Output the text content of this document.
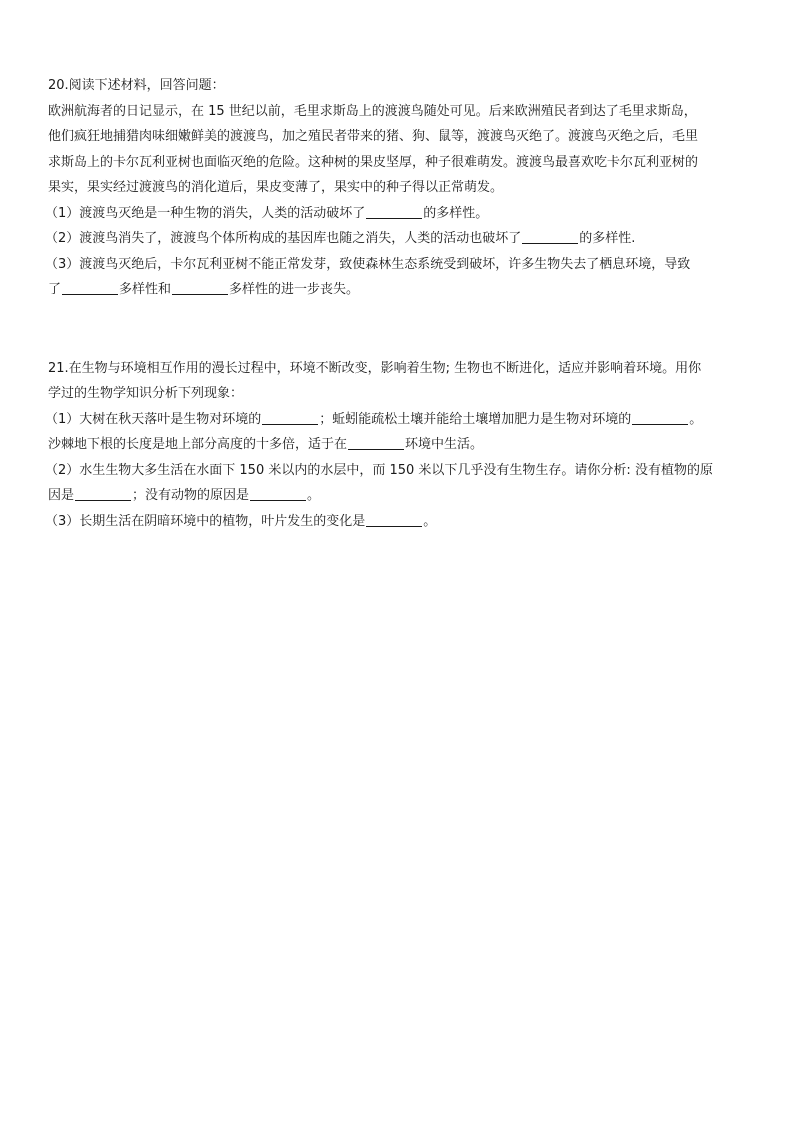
20.阅读下述材料，回答问题：

欧洲航海者的日记显示，在 15 世纪以前，毛里求斯岛上的渡渡鸟随处可见。后来欧洲殖民者到达了毛里求斯岛，

他们疯狂地捕猎肉味细嫩鲜美的渡渡鸟，加之殖民者带来的猪、狗、鼠等，渡渡鸟灭绝了。渡渡鸟灭绝之后，毛里

求斯岛上的卡尔瓦利亚树也面临灭绝的危险。这种树的果皮坚厚，种子很难萌发。渡渡鸟最喜欢吃卡尔瓦利亚树的

果实，果实经过渡渡鸟的消化道后，果皮变薄了，果实中的种子得以正常萌发。

（1）渡渡鸟灭绝是一种生物的消失，人类的活动破坏了	的多样性。

（2）渡渡鸟消失了，渡渡鸟个体所构成的基因库也随之消失，人类的活动也破坏了	的多样性.

（3）渡渡鸟灭绝后，卡尔瓦利亚树不能正常发芽，致使森林生态系统受到破坏，许多生物失去了栖息环境，导致

了	多样性和	多样性的进一步丧失。

21.在生物与环境相互作用的漫长过程中，环境不断改变，影响着生物; 生物也不断进化，适应并影响着环境。用你

学过的生物学知识分析下列现象：

（1）大树在秋天落叶是生物对环境的	；蚯蚓能疏松土壤并能给土壤增加肥力是生物对环境的	。

沙棘地下根的长度是地上部分高度的十多倍，适于在	环境中生活。

（2）水生生物大多生活在水面下 150 米以内的水层中，而 150 米以下几乎没有生物生存。请你分析: 没有植物的原

因是	；没有动物的原因是	。

（3）长期生活在阴暗环境中的植物，叶片发生的变化是	。
